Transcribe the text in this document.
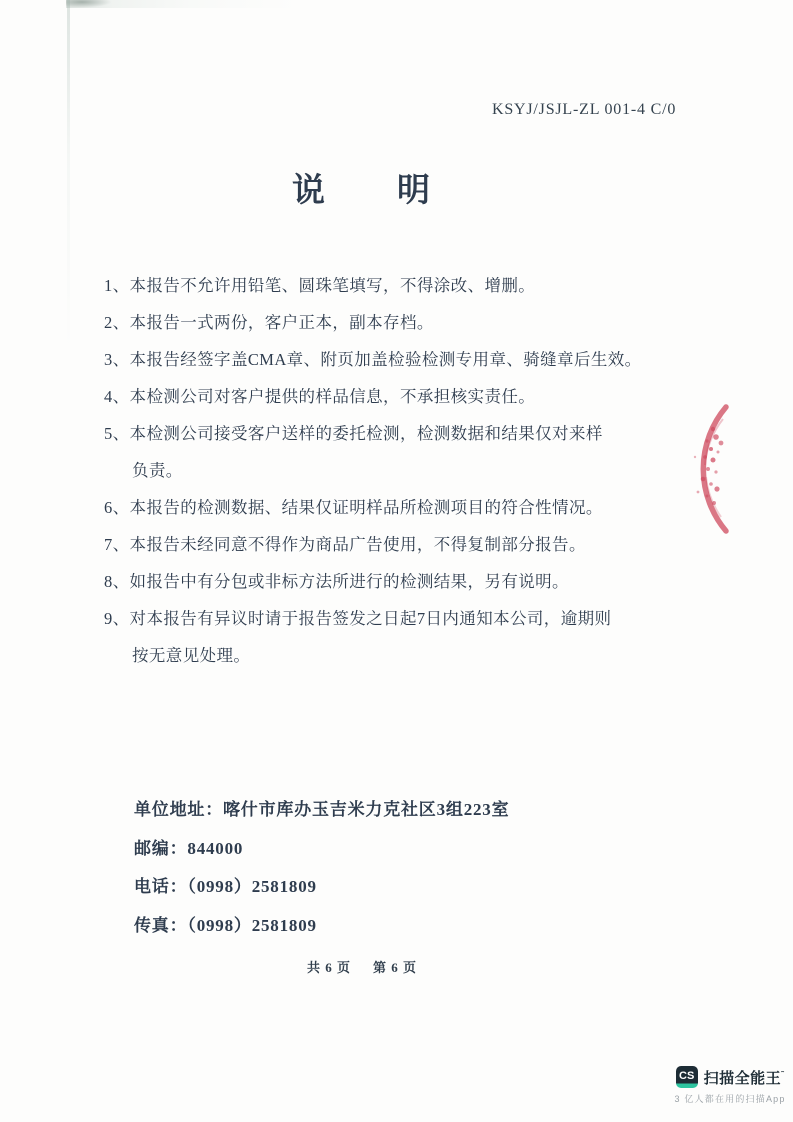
KSYJ/JSJL-ZL 001-4 C/0
说　　明
1、本报告不允许用铅笔、圆珠笔填写，不得涂改、增删。
2、本报告一式两份，客户正本，副本存档。
3、本报告经签字盖CMA章、附页加盖检验检测专用章、骑缝章后生效。
4、本检测公司对客户提供的样品信息，不承担核实责任。
5、本检测公司接受客户送样的委托检测，检测数据和结果仅对来样
负责。
6、本报告的检测数据、结果仅证明样品所检测项目的符合性情况。
7、本报告未经同意不得作为商品广告使用，不得复制部分报告。
8、如报告中有分包或非标方法所进行的检测结果，另有说明。
9、对本报告有异议时请于报告签发之日起7日内通知本公司，逾期则
按无意见处理。
单位地址：喀什市库办玉吉米力克社区3组223室
邮编：844000
电话：（0998）2581809
传真：（0998）2581809
共 6 页 第 6 页
CS 扫描全能王˜
3 亿人都在用的扫描App
